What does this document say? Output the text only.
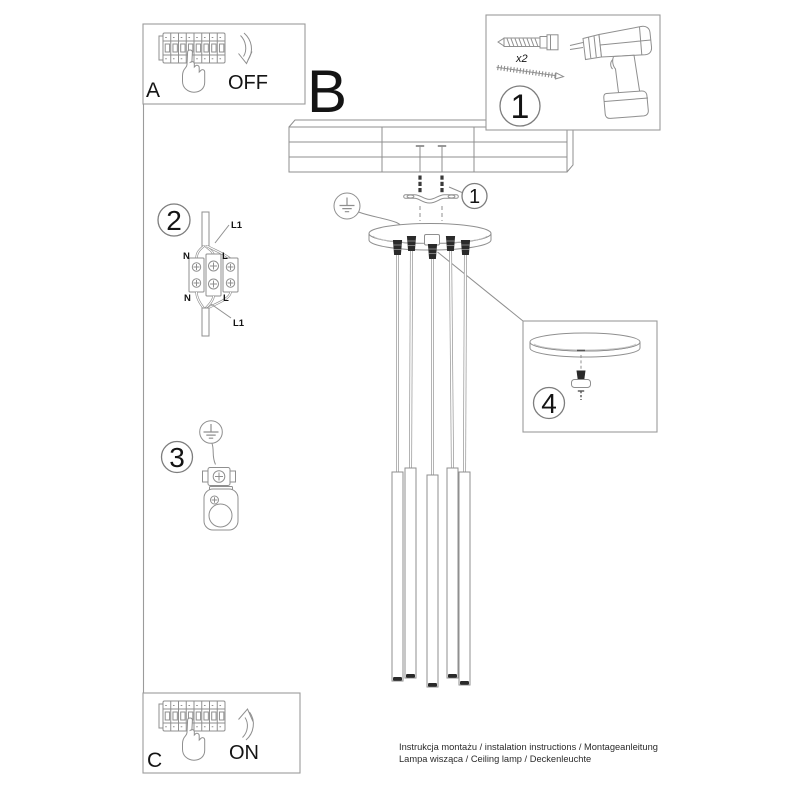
1
B
A	OFF
x2
1
2
N	L
N	L
L1
L1
3
4
C	ON	Instrukcja montażu / instalation instructions / Montageanleitung
Lampa wisząca / Ceiling lamp / Deckenleuchte
